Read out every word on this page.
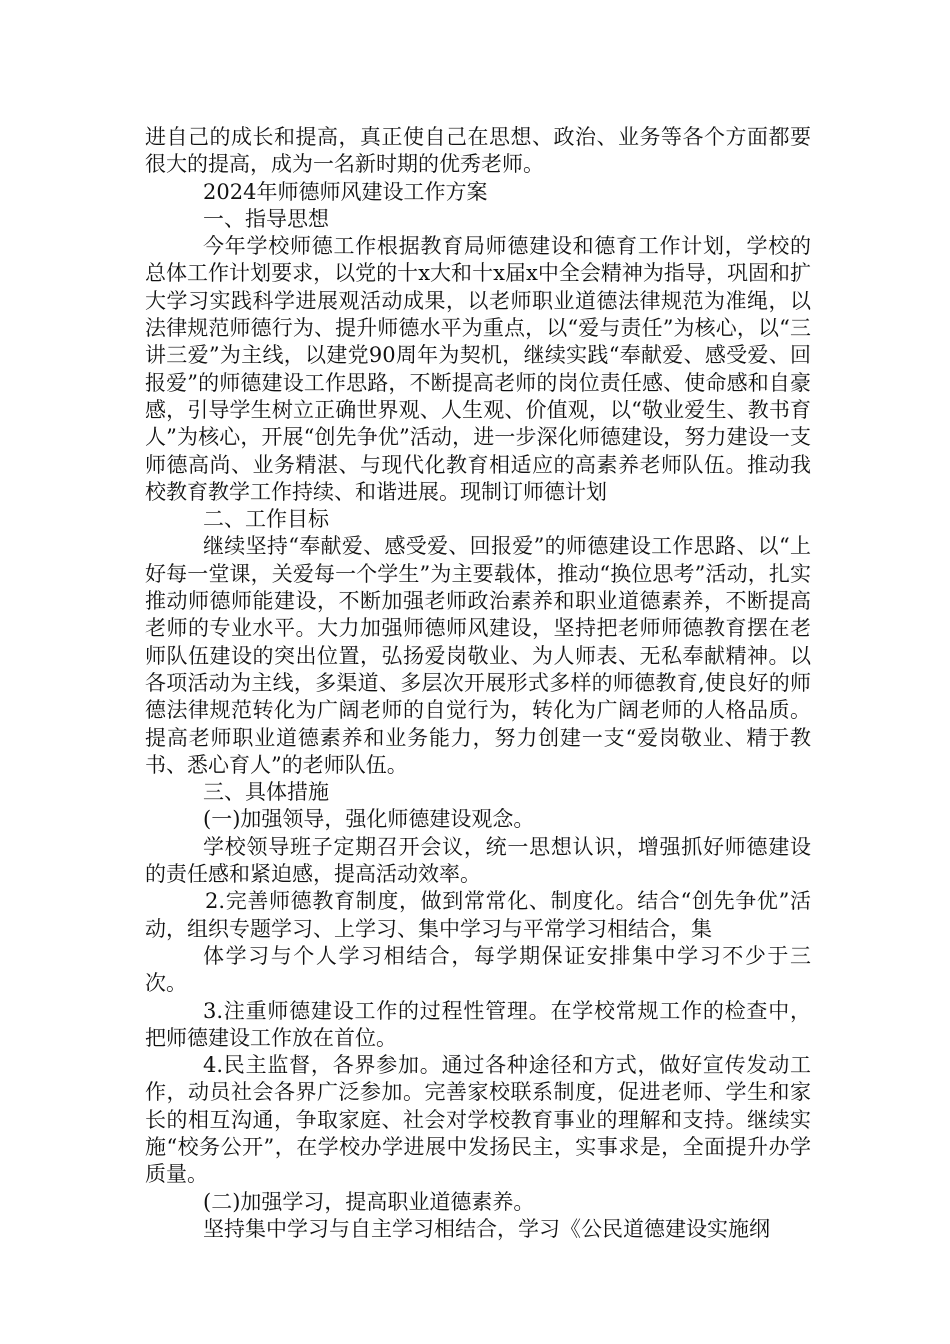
进自己的成长和提高，真正使自己在思想、政治、业务等各个方面都要很大的提高，成为一名新时期的优秀老师。

2024年师德师风建设工作方案

一、指导思想

今年学校师德工作根据教育局师德建设和德育工作计划，学校的总体工作计划要求，以党的十x大和十x届x中全会精神为指导，巩固和扩大学习实践科学进展观活动成果，以老师职业道德法律规范为准绳，以法律规范师德行为、提升师德水平为重点，以“爱与责任”为核心，以“三讲三爱”为主线，以建党90周年为契机，继续实践“奉献爱、感受爱、回报爱”的师德建设工作思路，不断提高老师的岗位责任感、使命感和自豪感，引导学生树立正确世界观、人生观、价值观，以“敬业爱生、教书育人”为核心，开展“创先争优”活动，进一步深化师德建设，努力建设一支师德高尚、业务精湛、与现代化教育相适应的高素养老师队伍。推动我校教育教学工作持续、和谐进展。现制订师德计划

二、工作目标

继续坚持“奉献爱、感受爱、回报爱”的师德建设工作思路、以“上好每一堂课，关爱每一个学生”为主要载体，推动“换位思考”活动，扎实推动师德师能建设，不断加强老师政治素养和职业道德素养，不断提高老师的专业水平。大力加强师德师风建设，坚持把老师师德教育摆在老师队伍建设的突出位置，弘扬爱岗敬业、为人师表、无私奉献精神。以各项活动为主线，多渠道、多层次开展形式多样的师德教育,使良好的师德法律规范转化为广阔老师的自觉行为，转化为广阔老师的人格品质。提高老师职业道德素养和业务能力，努力创建一支“爱岗敬业、精于教书、悉心育人”的老师队伍。

三、具体措施

(一)加强领导，强化师德建设观念。

学校领导班子定期召开会议，统一思想认识，增强抓好师德建设的责任感和紧迫感，提高活动效率。

2.完善师德教育制度，做到常常化、制度化。结合“创先争优”活动，组织专题学习、上学习、集中学习与平常学习相结合，集

体学习与个人学习相结合，每学期保证安排集中学习不少于三次。

3.注重师德建设工作的过程性管理。在学校常规工作的检查中，把师德建设工作放在首位。

4.民主监督，各界参加。通过各种途径和方式，做好宣传发动工作，动员社会各界广泛参加。完善家校联系制度，促进老师、学生和家长的相互沟通，争取家庭、社会对学校教育事业的理解和支持。继续实施“校务公开”，在学校办学进展中发扬民主，实事求是，全面提升办学质量。

(二)加强学习，提高职业道德素养。

坚持集中学习与自主学习相结合，学习《公民道德建设实施纲
